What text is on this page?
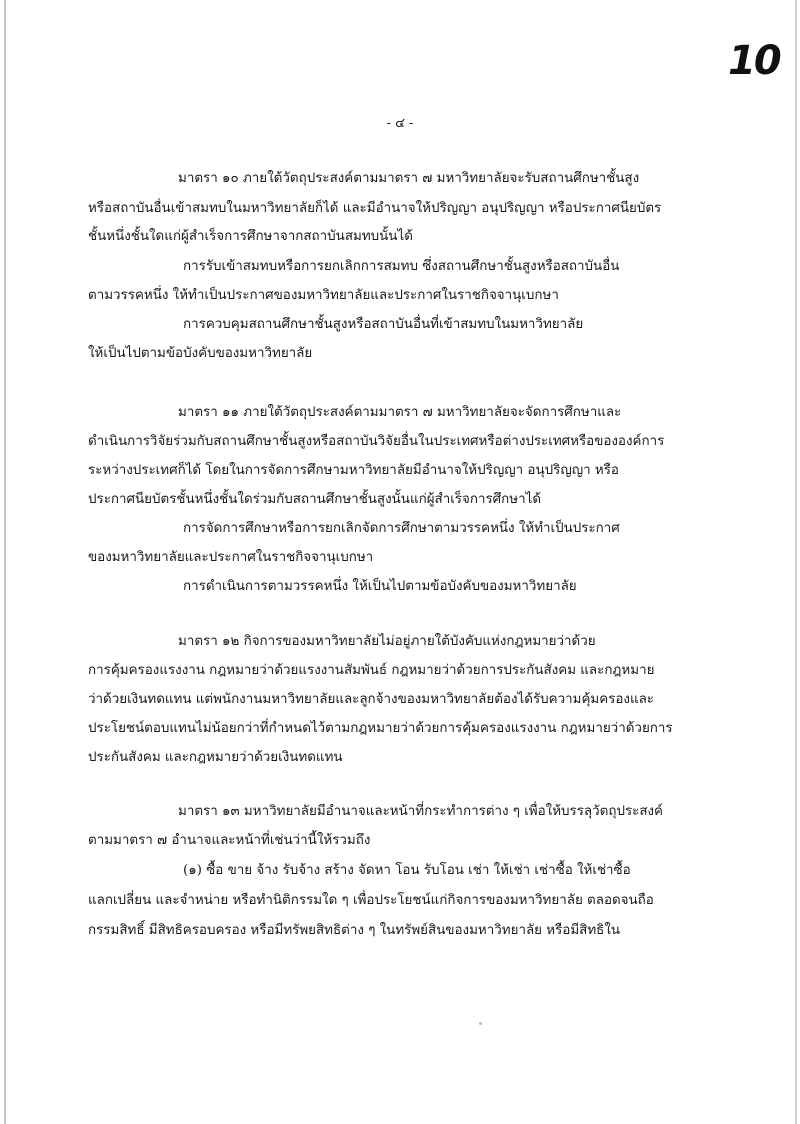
10
- ๔ -
มาตรา ๑๐ ภายใต้วัตถุประสงค์ตามมาตรา ๗ มหาวิทยาลัยจะรับสถานศึกษาชั้นสูง
หรือสถาบันอื่นเข้าสมทบในมหาวิทยาลัยก็ได้ และมีอำนาจให้ปริญญา อนุปริญญา หรือประกาศนียบัตร
ชั้นหนึ่งชั้นใดแก่ผู้สำเร็จการศึกษาจากสถาบันสมทบนั้นได้
การรับเข้าสมทบหรือการยกเลิกการสมทบ ซึ่งสถานศึกษาชั้นสูงหรือสถาบันอื่น
ตามวรรคหนึ่ง ให้ทำเป็นประกาศของมหาวิทยาลัยและประกาศในราชกิจจานุเบกษา
การควบคุมสถานศึกษาชั้นสูงหรือสถาบันอื่นที่เข้าสมทบในมหาวิทยาลัย
ให้เป็นไปตามข้อบังคับของมหาวิทยาลัย
มาตรา ๑๑ ภายใต้วัตถุประสงค์ตามมาตรา ๗ มหาวิทยาลัยจะจัดการศึกษาและ
ดำเนินการวิจัยร่วมกับสถานศึกษาชั้นสูงหรือสถาบันวิจัยอื่นในประเทศหรือต่างประเทศหรือขององค์การ
ระหว่างประเทศก็ได้ โดยในการจัดการศึกษามหาวิทยาลัยมีอำนาจให้ปริญญา อนุปริญญา หรือ
ประกาศนียบัตรชั้นหนึ่งชั้นใดร่วมกับสถานศึกษาชั้นสูงนั้นแก่ผู้สำเร็จการศึกษาได้
การจัดการศึกษาหรือการยกเลิกจัดการศึกษาตามวรรคหนึ่ง ให้ทำเป็นประกาศ
ของมหาวิทยาลัยและประกาศในราชกิจจานุเบกษา
การดำเนินการตามวรรคหนึ่ง ให้เป็นไปตามข้อบังคับของมหาวิทยาลัย
มาตรา ๑๒ กิจการของมหาวิทยาลัยไม่อยู่ภายใต้บังคับแห่งกฎหมายว่าด้วย
การคุ้มครองแรงงาน กฎหมายว่าด้วยแรงงานสัมพันธ์ กฎหมายว่าด้วยการประกันสังคม และกฎหมาย
ว่าด้วยเงินทดแทน แต่พนักงานมหาวิทยาลัยและลูกจ้างของมหาวิทยาลัยต้องได้รับความคุ้มครองและ
ประโยชน์ตอบแทนไม่น้อยกว่าที่กำหนดไว้ตามกฎหมายว่าด้วยการคุ้มครองแรงงาน กฎหมายว่าด้วยการ
ประกันสังคม และกฎหมายว่าด้วยเงินทดแทน
มาตรา ๑๓ มหาวิทยาลัยมีอำนาจและหน้าที่กระทำการต่าง ๆ เพื่อให้บรรลุวัตถุประสงค์
ตามมาตรา ๗ อำนาจและหน้าที่เช่นว่านี้ให้รวมถึง
(๑) ซื้อ ขาย จ้าง รับจ้าง สร้าง จัดหา โอน รับโอน เช่า ให้เช่า เช่าซื้อ ให้เช่าซื้อ
แลกเปลี่ยน และจำหน่าย หรือทำนิติกรรมใด ๆ เพื่อประโยชน์แก่กิจการของมหาวิทยาลัย ตลอดจนถือ
กรรมสิทธิ์ มีสิทธิครอบครอง หรือมีทรัพยสิทธิต่าง ๆ ในทรัพย์สินของมหาวิทยาลัย หรือมีสิทธิใน
